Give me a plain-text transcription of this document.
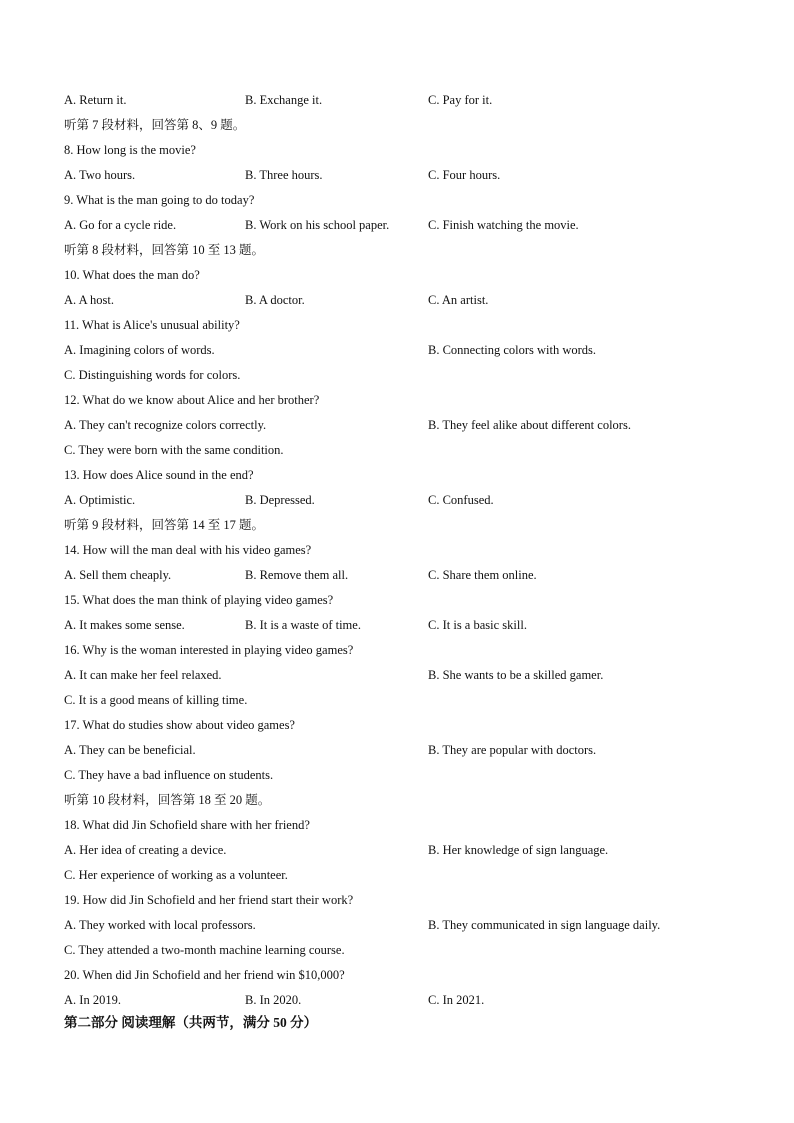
A. Return it.	B. Exchange it.	C. Pay for it.
听第 7 段材料，回答第 8、9 题。
8. How long is the movie?
A. Two hours.	B. Three hours.	C. Four hours.
9. What is the man going to do today?
A. Go for a cycle ride.	B. Work on his school paper.	C. Finish watching the movie.
听第 8 段材料，回答第 10 至 13 题。
10. What does the man do?
A. A host.	B. A doctor.	C. An artist.
11. What is Alice's unusual ability?
A. Imagining colors of words.	B. Connecting colors with words.
C. Distinguishing words for colors.
12. What do we know about Alice and her brother?
A. They can't recognize colors correctly.	B. They feel alike about different colors.
C. They were born with the same condition.
13. How does Alice sound in the end?
A. Optimistic.	B. Depressed.	C. Confused.
听第 9 段材料，回答第 14 至 17 题。
14. How will the man deal with his video games?
A. Sell them cheaply.	B. Remove them all.	C. Share them online.
15. What does the man think of playing video games?
A. It makes some sense.	B. It is a waste of time.	C. It is a basic skill.
16. Why is the woman interested in playing video games?
A. It can make her feel relaxed.	B. She wants to be a skilled gamer.
C. It is a good means of killing time.
17. What do studies show about video games?
A. They can be beneficial.	B. They are popular with doctors.
C. They have a bad influence on students.
听第 10 段材料，回答第 18 至 20 题。
18. What did Jin Schofield share with her friend?
A. Her idea of creating a device.	B. Her knowledge of sign language.
C. Her experience of working as a volunteer.
19. How did Jin Schofield and her friend start their work?
A. They worked with local professors.	B. They communicated in sign language daily.
C. They attended a two-month machine learning course.
20. When did Jin Schofield and her friend win $10,000?
A. In 2019.	B. In 2020.	C. In 2021.
第二部分 阅读理解（共两节，满分 50 分）
